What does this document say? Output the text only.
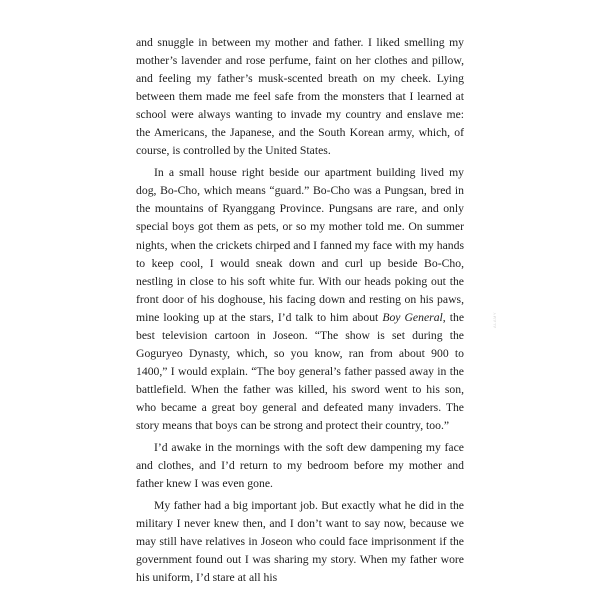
and snuggle in between my mother and father. I liked smelling my mother’s lavender and rose perfume, faint on her clothes and pillow, and feeling my father’s musk-scented breath on my cheek. Lying between them made me feel safe from the monsters that I learned at school were always wanting to invade my country and enslave me: the Americans, the Japanese, and the South Korean army, which, of course, is controlled by the United States.

In a small house right beside our apartment building lived my dog, Bo-Cho, which means “guard.” Bo-Cho was a Pungsan, bred in the mountains of Ryanggang Province. Pungsans are rare, and only special boys got them as pets, or so my mother told me. On summer nights, when the crickets chirped and I fanned my face with my hands to keep cool, I would sneak down and curl up beside Bo-Cho, nestling in close to his soft white fur. With our heads poking out the front door of his doghouse, his facing down and resting on his paws, mine looking up at the stars, I’d talk to him about Boy General, the best television cartoon in Joseon. “The show is set during the Goguryeo Dynasty, which, so you know, ran from about 900 to 1400,” I would explain. “The boy general’s father passed away in the battlefield. When the father was killed, his sword went to his son, who became a great boy general and defeated many invaders. The story means that boys can be strong and protect their country, too.”

I’d awake in the mornings with the soft dew dampening my face and clothes, and I’d return to my bedroom before my mother and father knew I was even gone.

My father had a big important job. But exactly what he did in the military I never knew then, and I don’t want to say now, because we may still have relatives in Joseon who could face imprisonment if the government found out I was sharing my story. When my father wore his uniform, I’d stare at all his

ALAMY
